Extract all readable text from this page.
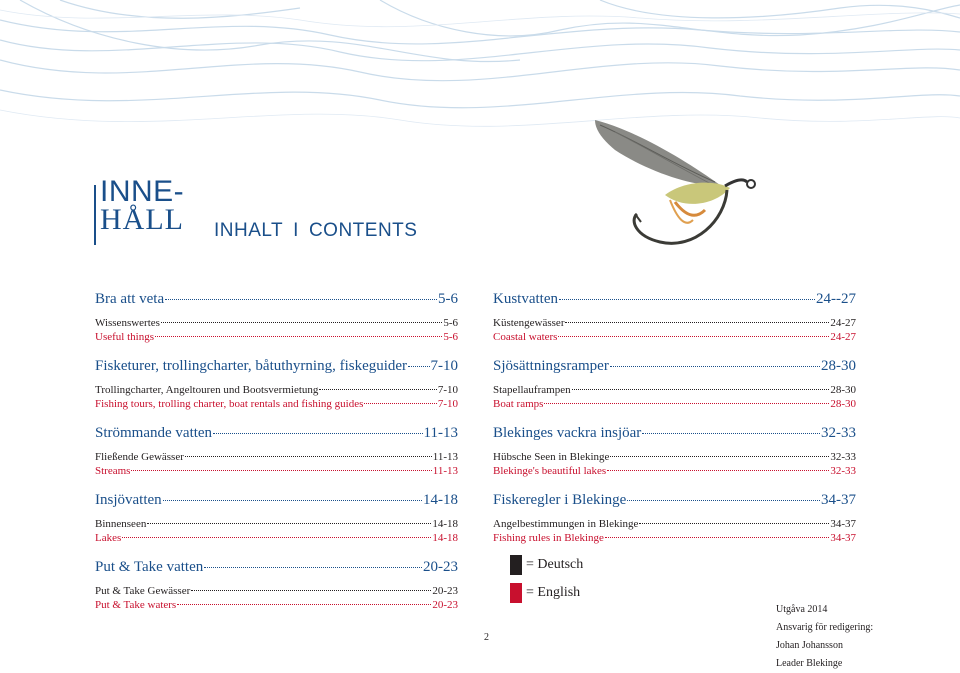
INNE-
HÅLL INHALT I CONTENTS
Bra att veta	5-6
Wissenswertes	5-6
Useful things	5-6
Fisketurer, trollingcharter, båtuthyrning, fiskeguider 7-10
Trollingcharter, Angeltouren und Bootsvermietung	7-10
Fishing tours, trolling charter, boat rentals and fishing guides	7-10
Strömmande vatten	11-13
Fließende Gewässer	11-13
Streams	11-13
Insjövatten	14-18
Binnenseen	14-18
Lakes	14-18
Put & Take vatten	20-23
Put & Take Gewässer	20-23
Put & Take waters	20-23
Kustvatten	24--27
Küstengewässer	24-27
Coastal waters	24-27
Sjösättningsramper	28-30
Stapellauframpen	28-30
Boat ramps	28-30
Blekinges vackra insjöar	32-33
Hübsche Seen in Blekinge	32-33
Blekinge's beautiful lakes	32-33
Fiskeregler i Blekinge	34-37
Angelbestimmungen in Blekinge	34-37
Fishing rules in Blekinge	34-37
= Deutsch
= English
2
Utgåva 2014
Ansvarig för redigering:
Johan Johansson
Leader Blekinge
